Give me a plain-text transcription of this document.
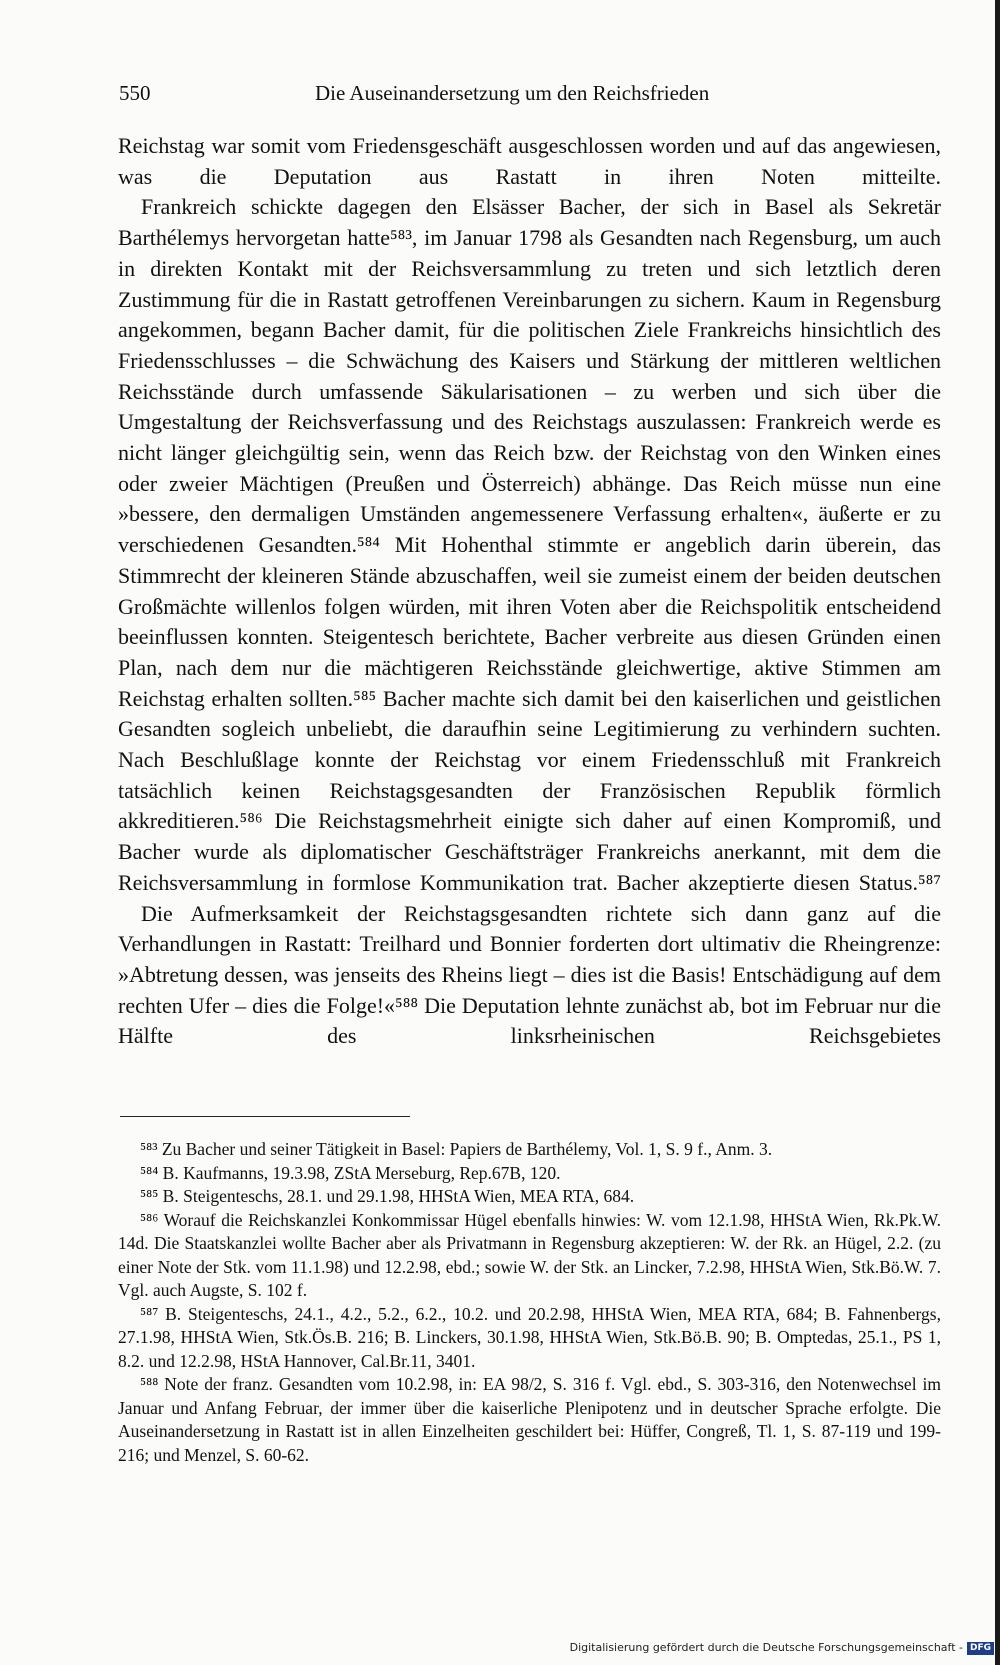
550	Die Auseinandersetzung um den Reichsfrieden

Reichstag war somit vom Friedensgeschäft ausgeschlossen worden und auf das angewiesen, was die Deputation aus Rastatt in ihren Noten mitteilte.

Frankreich schickte dagegen den Elsässer Bacher, der sich in Basel als Sekretär Barthélemys hervorgetan hatte⁵⁸³, im Januar 1798 als Gesandten nach Regensburg, um auch in direkten Kontakt mit der Reichsversammlung zu treten und sich letztlich deren Zustimmung für die in Rastatt getroffenen Vereinbarungen zu sichern. Kaum in Regensburg angekommen, begann Bacher damit, für die politischen Ziele Frankreichs hinsichtlich des Friedensschlusses – die Schwächung des Kaisers und Stärkung der mittleren weltlichen Reichsstände durch umfassende Säkularisationen – zu werben und sich über die Umgestaltung der Reichsverfassung und des Reichstags auszulassen: Frankreich werde es nicht länger gleichgültig sein, wenn das Reich bzw. der Reichstag von den Winken eines oder zweier Mächtigen (Preußen und Österreich) abhänge. Das Reich müsse nun eine »bessere, den dermaligen Umständen angemessenere Verfassung erhalten«, äußerte er zu verschiedenen Gesandten.⁵⁸⁴ Mit Hohenthal stimmte er angeblich darin überein, das Stimmrecht der kleineren Stände abzuschaffen, weil sie zumeist einem der beiden deutschen Großmächte willenlos folgen würden, mit ihren Voten aber die Reichspolitik entscheidend beeinflussen konnten. Steigentesch berichtete, Bacher verbreite aus diesen Gründen einen Plan, nach dem nur die mächtigeren Reichsstände gleichwertige, aktive Stimmen am Reichstag erhalten sollten.⁵⁸⁵ Bacher machte sich damit bei den kaiserlichen und geistlichen Gesandten sogleich unbeliebt, die daraufhin seine Legitimierung zu verhindern suchten. Nach Beschlußlage konnte der Reichstag vor einem Friedensschluß mit Frankreich tatsächlich keinen Reichstagsgesandten der Französischen Republik förmlich akkreditieren.⁵⁸⁶ Die Reichstagsmehrheit einigte sich daher auf einen Kompromiß, und Bacher wurde als diplomatischer Geschäftsträger Frankreichs anerkannt, mit dem die Reichsversammlung in formlose Kommunikation trat. Bacher akzeptierte diesen Status.⁵⁸⁷

Die Aufmerksamkeit der Reichstagsgesandten richtete sich dann ganz auf die Verhandlungen in Rastatt: Treilhard und Bonnier forderten dort ultimativ die Rheingrenze: »Abtretung dessen, was jenseits des Rheins liegt – dies ist die Basis! Entschädigung auf dem rechten Ufer – dies die Folge!«⁵⁸⁸ Die Deputation lehnte zunächst ab, bot im Februar nur die Hälfte des linksrheinischen Reichsgebietes

⁵⁸³ Zu Bacher und seiner Tätigkeit in Basel: Papiers de Barthélemy, Vol. 1, S. 9 f., Anm. 3.

⁵⁸⁴ B. Kaufmanns, 19.3.98, ZStA Merseburg, Rep.67B, 120.

⁵⁸⁵ B. Steigenteschs, 28.1. und 29.1.98, HHStA Wien, MEA RTA, 684.

⁵⁸⁶ Worauf die Reichskanzlei Konkommissar Hügel ebenfalls hinwies: W. vom 12.1.98, HHStA Wien, Rk.Pk.W. 14d. Die Staatskanzlei wollte Bacher aber als Privatmann in Regensburg akzeptieren: W. der Rk. an Hügel, 2.2. (zu einer Note der Stk. vom 11.1.98) und 12.2.98, ebd.; sowie W. der Stk. an Lincker, 7.2.98, HHStA Wien, Stk.Bö.W. 7. Vgl. auch Augste, S. 102 f.

⁵⁸⁷ B. Steigenteschs, 24.1., 4.2., 5.2., 6.2., 10.2. und 20.2.98, HHStA Wien, MEA RTA, 684; B. Fahnenbergs, 27.1.98, HHStA Wien, Stk.Ös.B. 216; B. Linckers, 30.1.98, HHStA Wien, Stk.Bö.B. 90; B. Omptedas, 25.1., PS 1, 8.2. und 12.2.98, HStA Hannover, Cal.Br.11, 3401.

⁵⁸⁸ Note der franz. Gesandten vom 10.2.98, in: EA 98/2, S. 316 f. Vgl. ebd., S. 303-316, den Notenwechsel im Januar und Anfang Februar, der immer über die kaiserliche Plenipotenz und in deutscher Sprache erfolgte. Die Auseinandersetzung in Rastatt ist in allen Einzelheiten geschildert bei: Hüffer, Congreß, Tl. 1, S. 87-119 und 199-216; und Menzel, S. 60-62.

Digitalisierung gefördert durch die Deutsche Forschungsgemeinschaft - DFG
